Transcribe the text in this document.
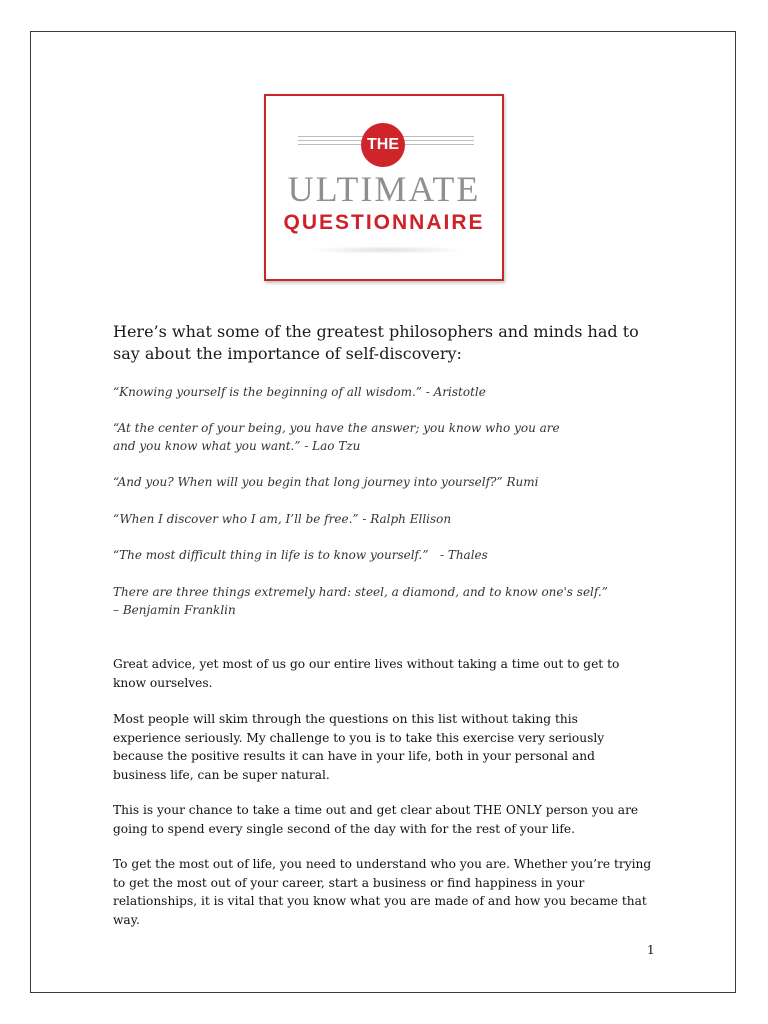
THE
ULTIMATE
QUESTIONNAIRE
Here’s what some of the greatest philosophers and minds had to say about the importance of self-discovery:
“Knowing yourself is the beginning of all wisdom.” - Aristotle
“At the center of your being, you have the answer; you know who you are and you know what you want.” - Lao Tzu
“And you? When will you begin that long journey into yourself?” Rumi
“When I discover who I am, I’ll be free.” - Ralph Ellison
“The most difficult thing in life is to know yourself.”   - Thales
There are three things extremely hard: steel, a diamond, and to know one's self.”
– Benjamin Franklin
Great advice, yet most of us go our entire lives without taking a time out to get to know ourselves.
Most people will skim through the questions on this list without taking this experience seriously. My challenge to you is to take this exercise very seriously because the positive results it can have in your life, both in your personal and business life, can be super natural.
This is your chance to take a time out and get clear about THE ONLY person you are going to spend every single second of the day with for the rest of your life.
To get the most out of life, you need to understand who you are. Whether you’re trying to get the most out of your career, start a business or find happiness in your relationships, it is vital that you know what you are made of and how you became that way.
1
